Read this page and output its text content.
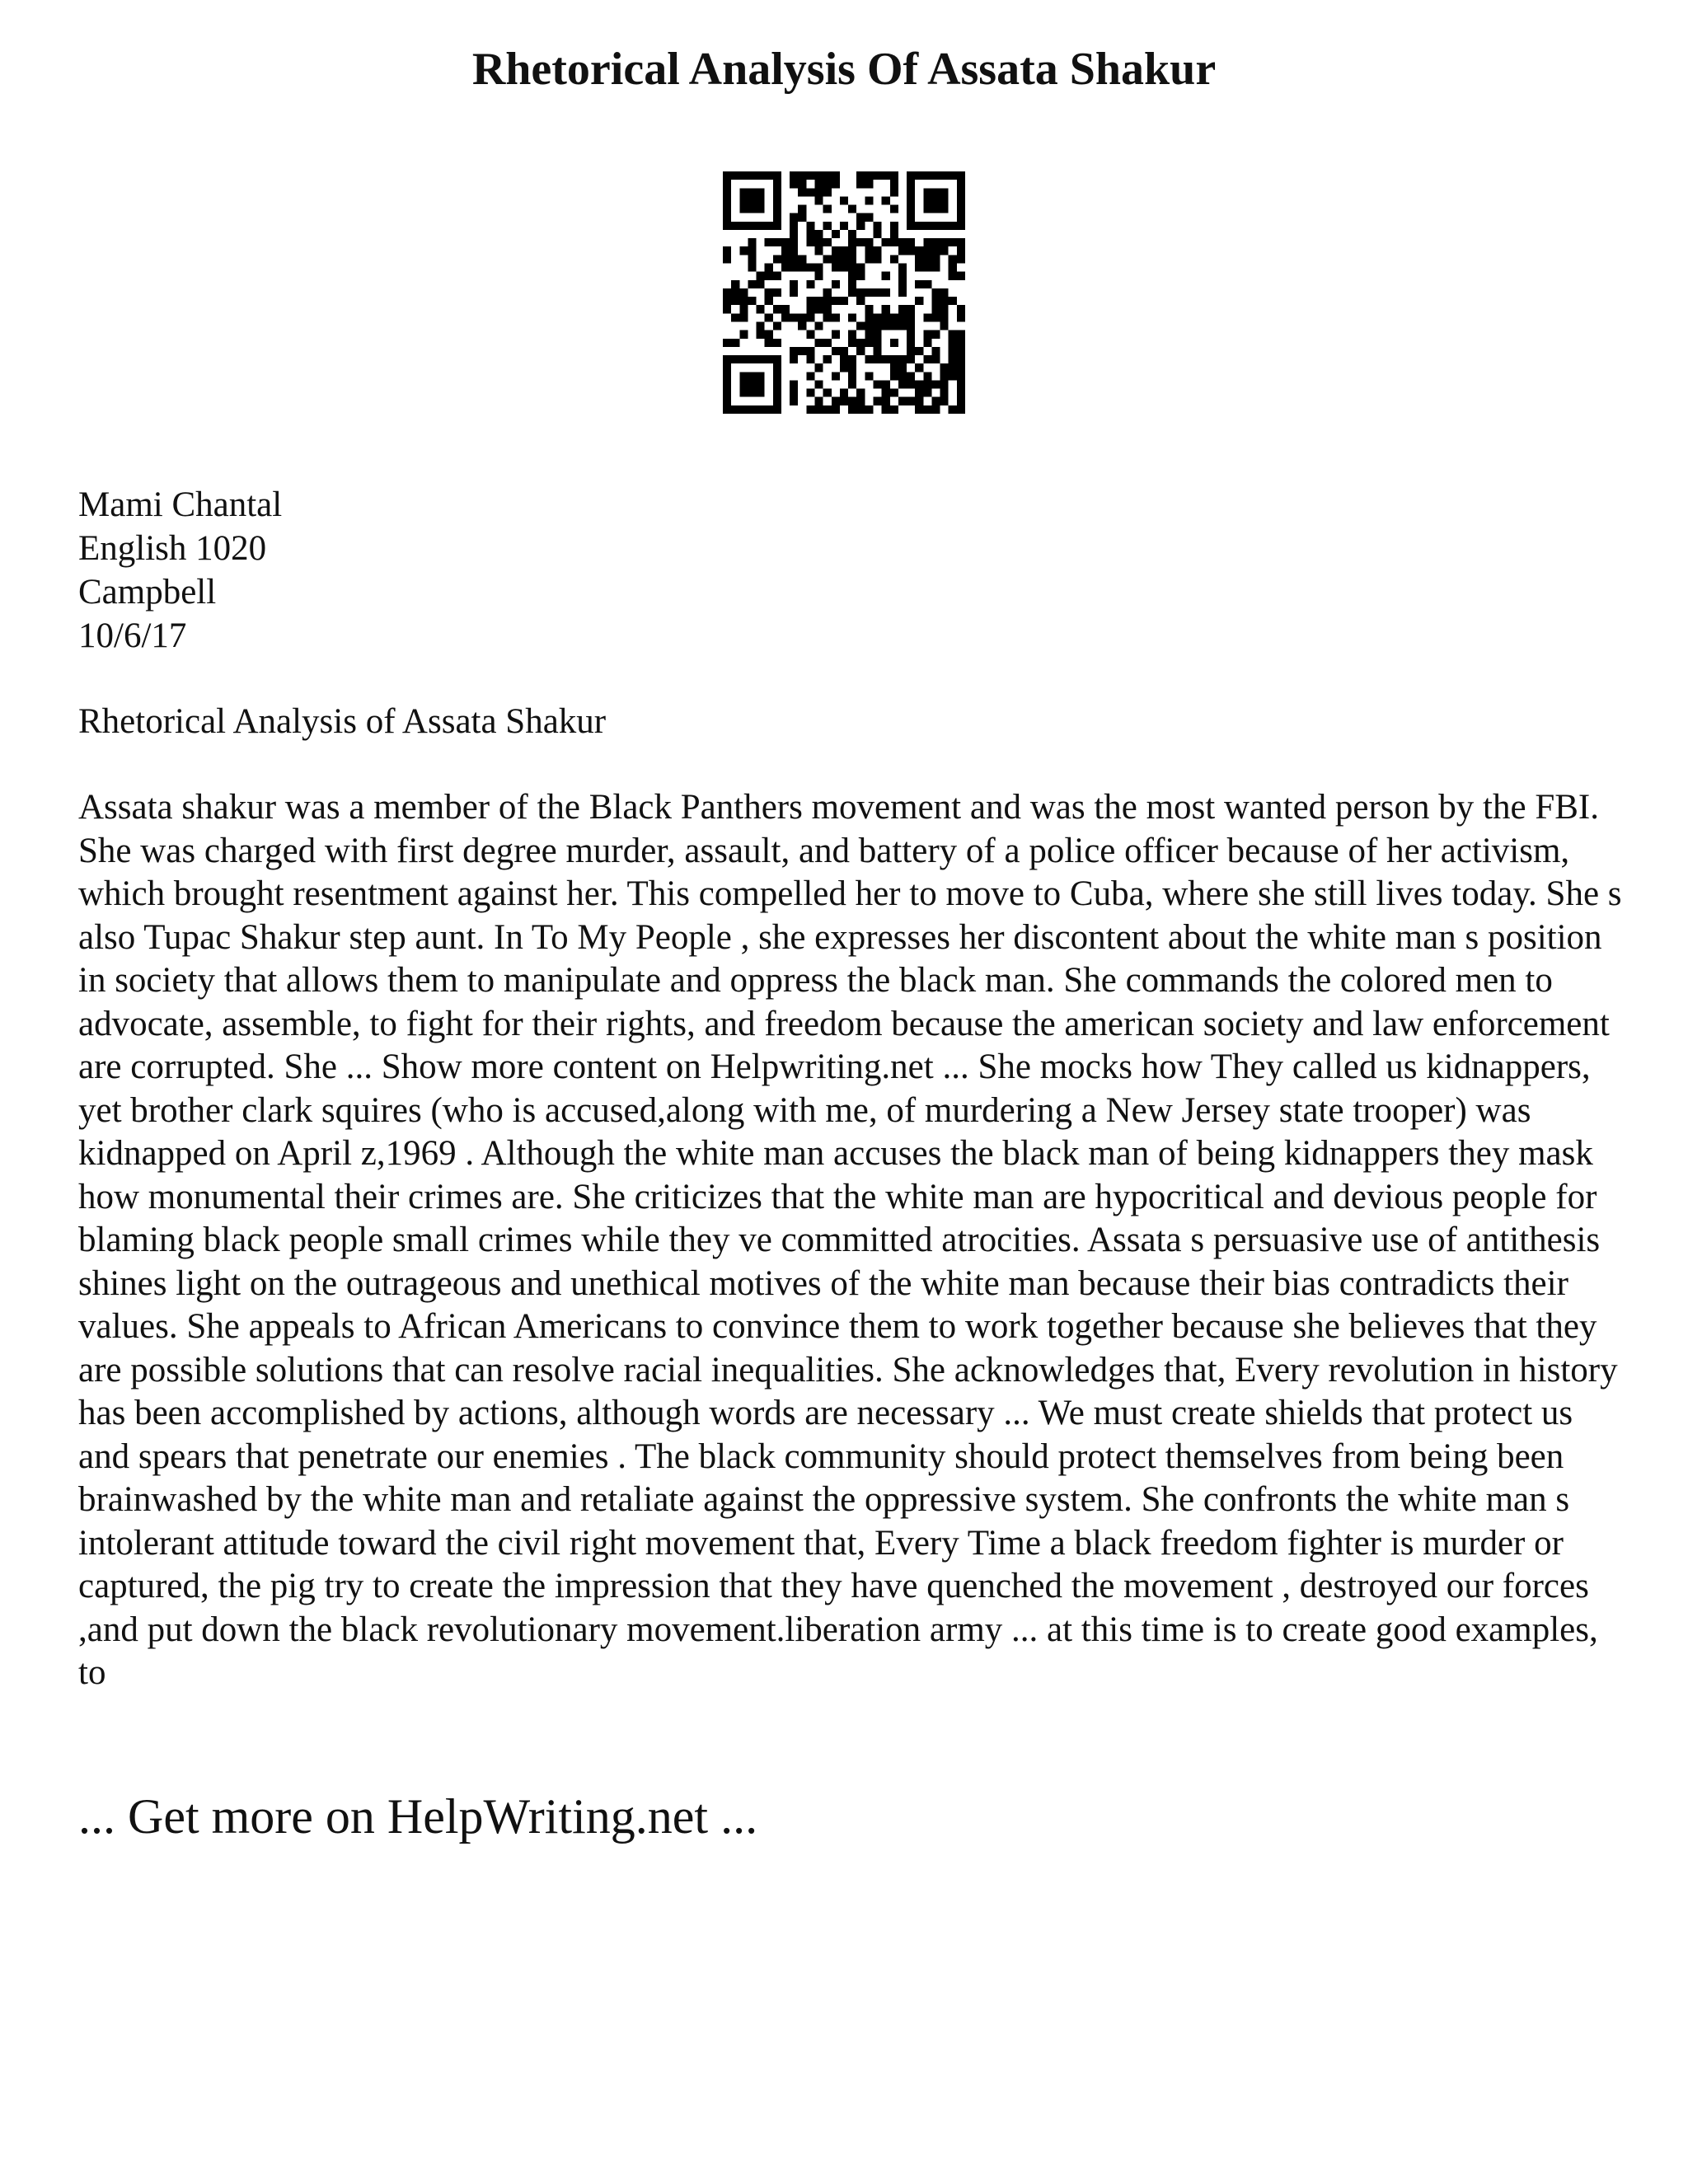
Rhetorical Analysis Of Assata Shakur
Mami Chantal
English 1020
Campbell
10/6/17
Rhetorical Analysis of Assata Shakur

Assata shakur was a member of the Black Panthers movement and was the most wanted person by the FBI. She was charged with first degree murder, assault, and battery of a police officer because of her activism, which brought resentment against her. This compelled her to move to Cuba, where she still lives today. She s also Tupac Shakur step aunt. In To My People , she expresses her discontent about the white man s position in society that allows them to manipulate and oppress the black man. She commands the colored men to advocate, assemble, to fight for their rights, and freedom because the american society and law enforcement are corrupted. She ... Show more content on Helpwriting.net ... She mocks how They called us kidnappers, yet brother clark squires (who is accused,along with me, of murdering a New Jersey state trooper) was kidnapped on April z,1969 . Although the white man accuses the black man of being kidnappers they mask how monumental their crimes are. She criticizes that the white man are hypocritical and devious people for blaming black people small crimes while they ve committed atrocities. Assata s persuasive use of antithesis shines light on the outrageous and unethical motives of the white man because their bias contradicts their values. She appeals to African Americans to convince them to work together because she believes that they are possible solutions that can resolve racial inequalities. She acknowledges that, Every revolution in history has been accomplished by actions, although words are necessary ... We must create shields that protect us and spears that penetrate our enemies . The black community should protect themselves from being been brainwashed by the white man and retaliate against the oppressive system. She confronts the white man s intolerant attitude toward the civil right movement that, Every Time a black freedom fighter is murder or captured, the pig try to create the impression that they have quenched the movement , destroyed our forces ,and put down the black revolutionary movement.liberation army ... at this time is to create good examples, to

... Get more on HelpWriting.net ...
